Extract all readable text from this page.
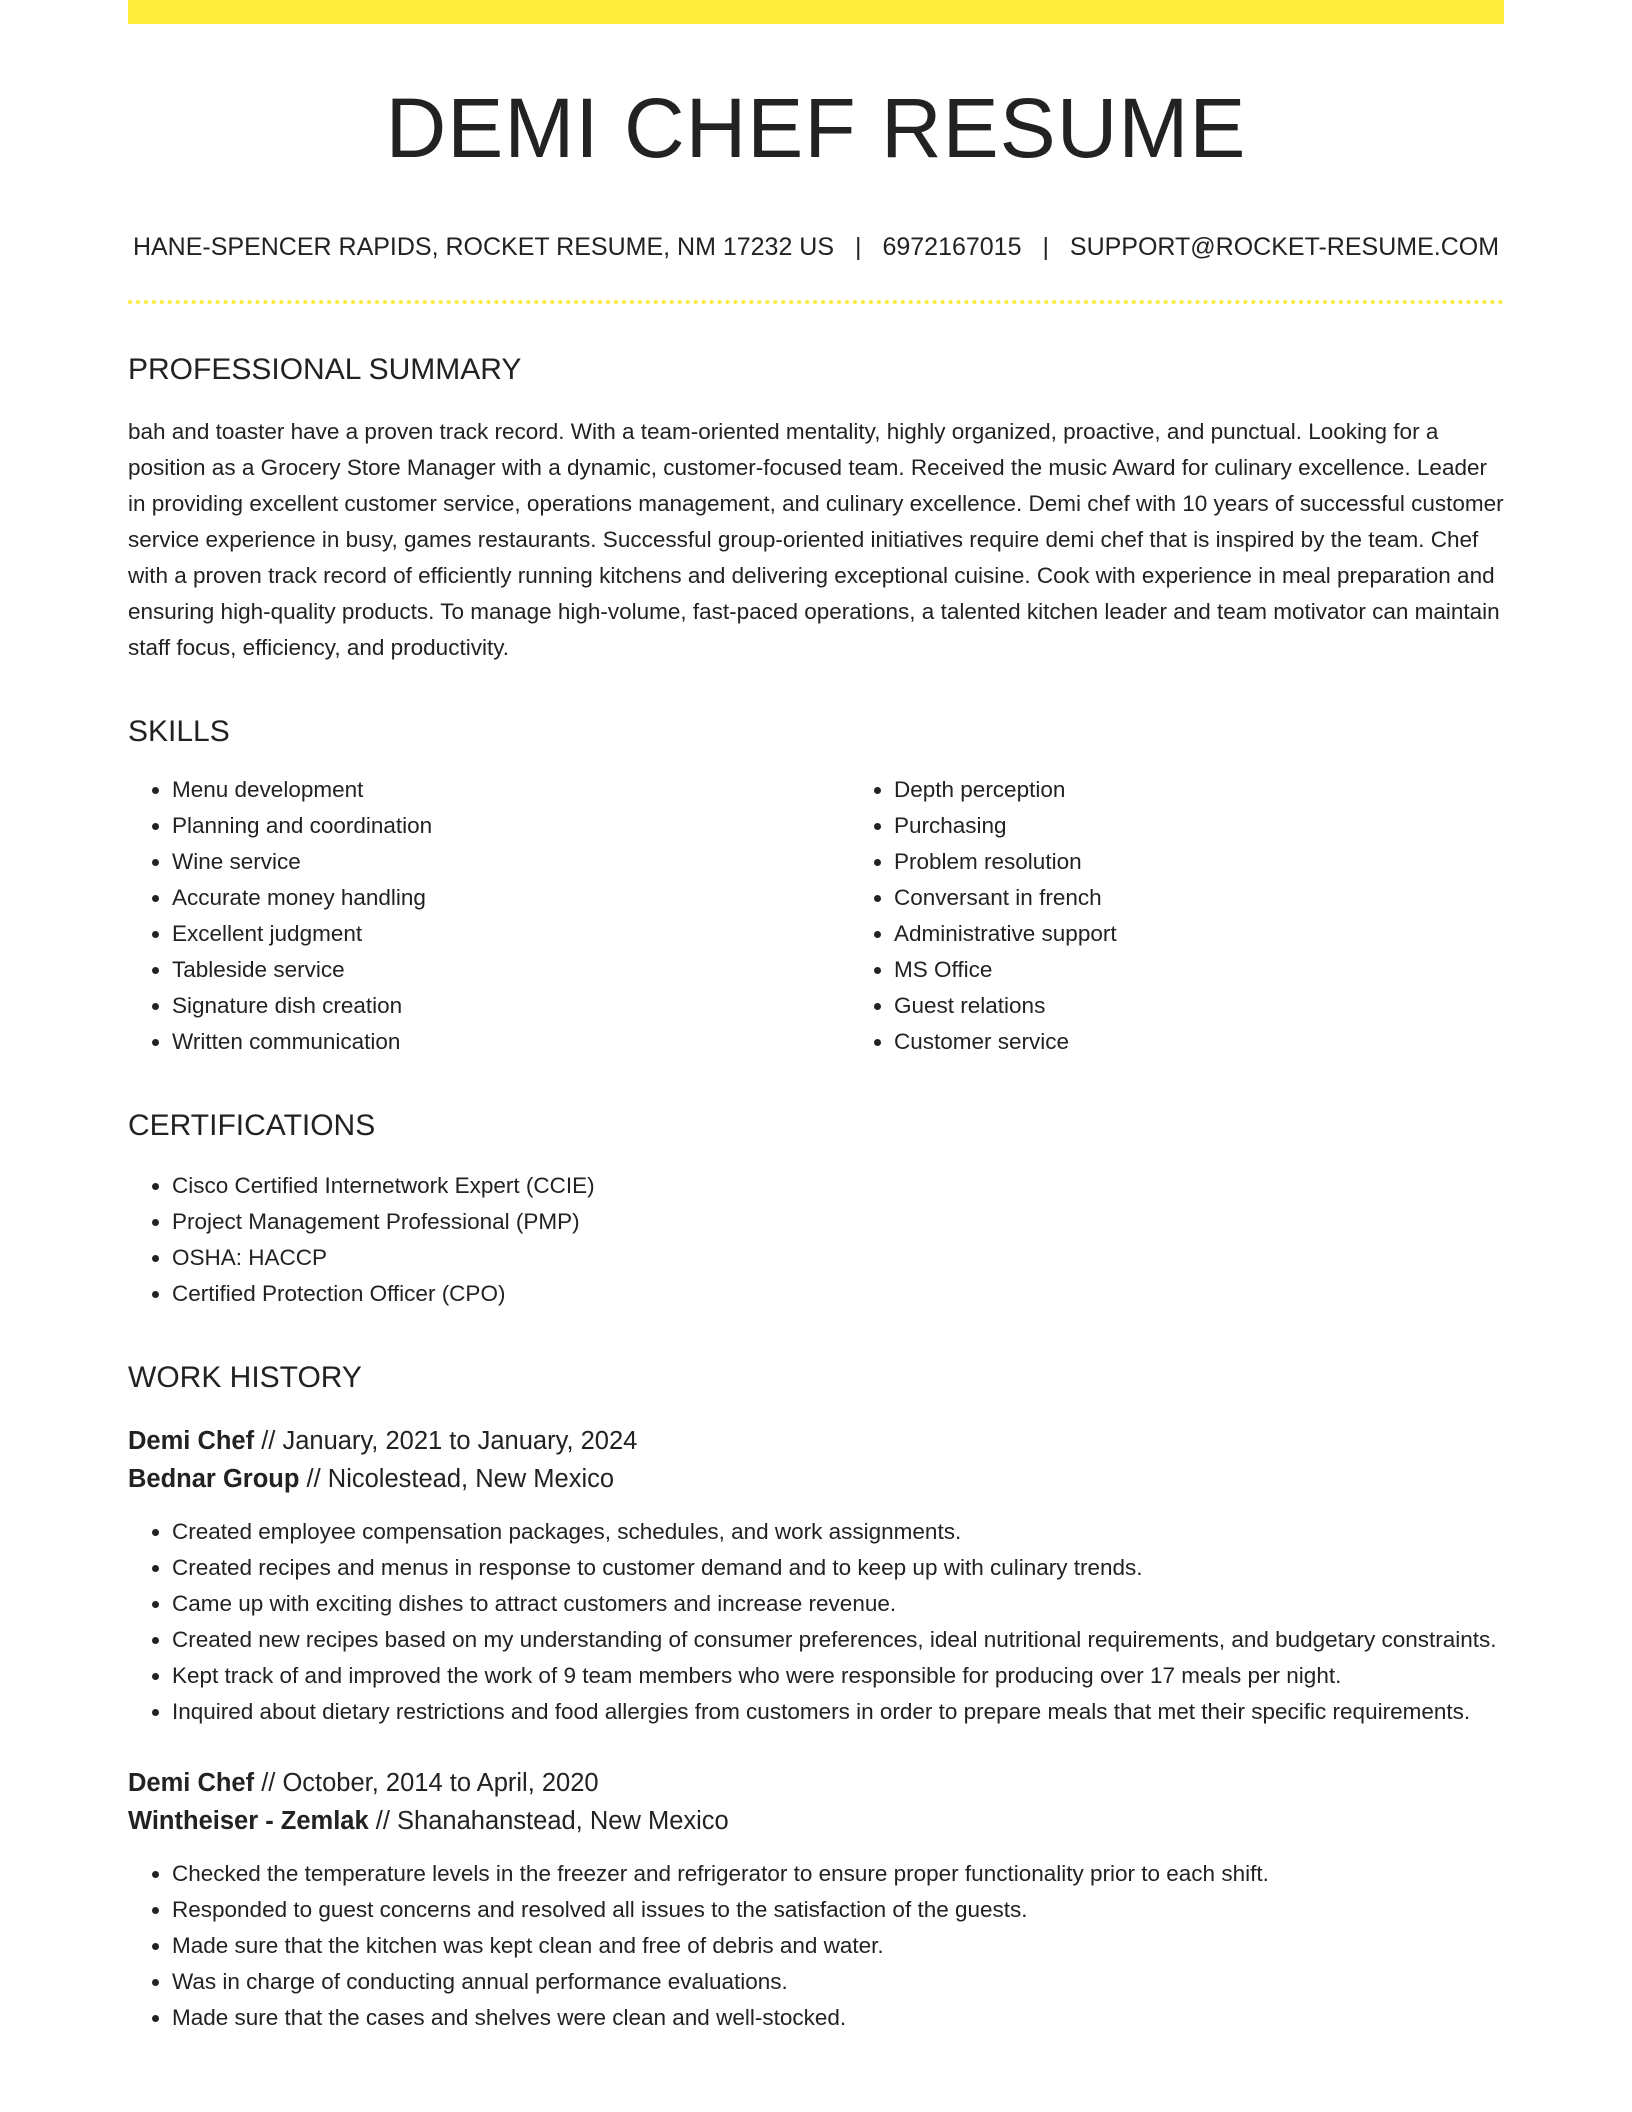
DEMI CHEF RESUME
HANE-SPENCER RAPIDS, ROCKET RESUME, NM 17232 US | 6972167015 | SUPPORT@ROCKET-RESUME.COM
PROFESSIONAL SUMMARY

bah and toaster have a proven track record. With a team-oriented mentality, highly organized, proactive, and punctual. Looking for a position as a Grocery Store Manager with a dynamic, customer-focused team. Received the music Award for culinary excellence. Leader in providing excellent customer service, operations management, and culinary excellence. Demi chef with 10 years of successful customer service experience in busy, games restaurants. Successful group-oriented initiatives require demi chef that is inspired by the team. Chef with a proven track record of efficiently running kitchens and delivering exceptional cuisine. Cook with experience in meal preparation and ensuring high-quality products. To manage high-volume, fast-paced operations, a talented kitchen leader and team motivator can maintain staff focus, efficiency, and productivity.

SKILLS
• Menu development
• Planning and coordination
• Wine service
• Accurate money handling
• Excellent judgment
• Tableside service
• Signature dish creation
• Written communication
• Depth perception
• Purchasing
• Problem resolution
• Conversant in french
• Administrative support
• MS Office
• Guest relations
• Customer service
CERTIFICATIONS
• Cisco Certified Internetwork Expert (CCIE)
• Project Management Professional (PMP)
• OSHA: HACCP
• Certified Protection Officer (CPO)
WORK HISTORY
Demi Chef // January, 2021 to January, 2024
Bednar Group // Nicolestead, New Mexico
• Created employee compensation packages, schedules, and work assignments.
• Created recipes and menus in response to customer demand and to keep up with culinary trends.
• Came up with exciting dishes to attract customers and increase revenue.
• Created new recipes based on my understanding of consumer preferences, ideal nutritional requirements, and budgetary constraints.
• Kept track of and improved the work of 9 team members who were responsible for producing over 17 meals per night.
• Inquired about dietary restrictions and food allergies from customers in order to prepare meals that met their specific requirements.
Demi Chef // October, 2014 to April, 2020
Wintheiser - Zemlak // Shanahanstead, New Mexico
• Checked the temperature levels in the freezer and refrigerator to ensure proper functionality prior to each shift.
• Responded to guest concerns and resolved all issues to the satisfaction of the guests.
• Made sure that the kitchen was kept clean and free of debris and water.
• Was in charge of conducting annual performance evaluations.
• Made sure that the cases and shelves were clean and well-stocked.
